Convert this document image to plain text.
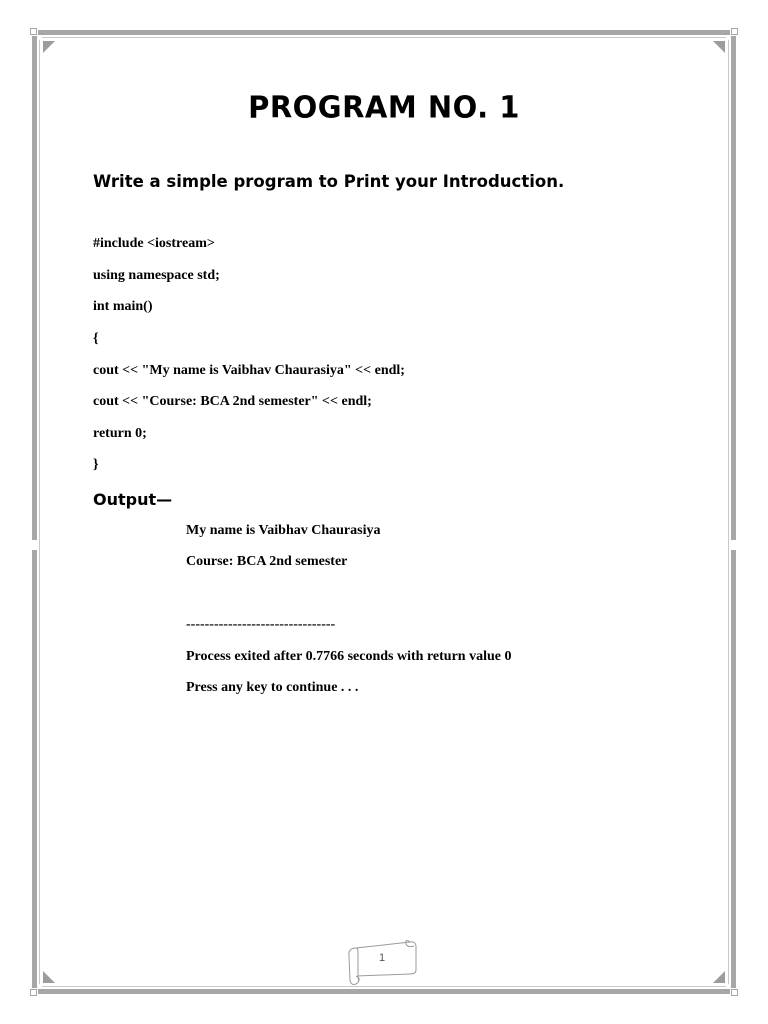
PROGRAM NO. 1
Write a simple program to Print your Introduction.
#include <iostream>
using namespace std;
int main()
{
cout << "My name is Vaibhav Chaurasiya" << endl;
cout << "Course: BCA 2nd semester" << endl;
return 0;
}
Output—
My name is Vaibhav Chaurasiya
Course: BCA 2nd semester
--------------------------------
Process exited after 0.7766 seconds with return value 0
Press any key to continue . . .
1
